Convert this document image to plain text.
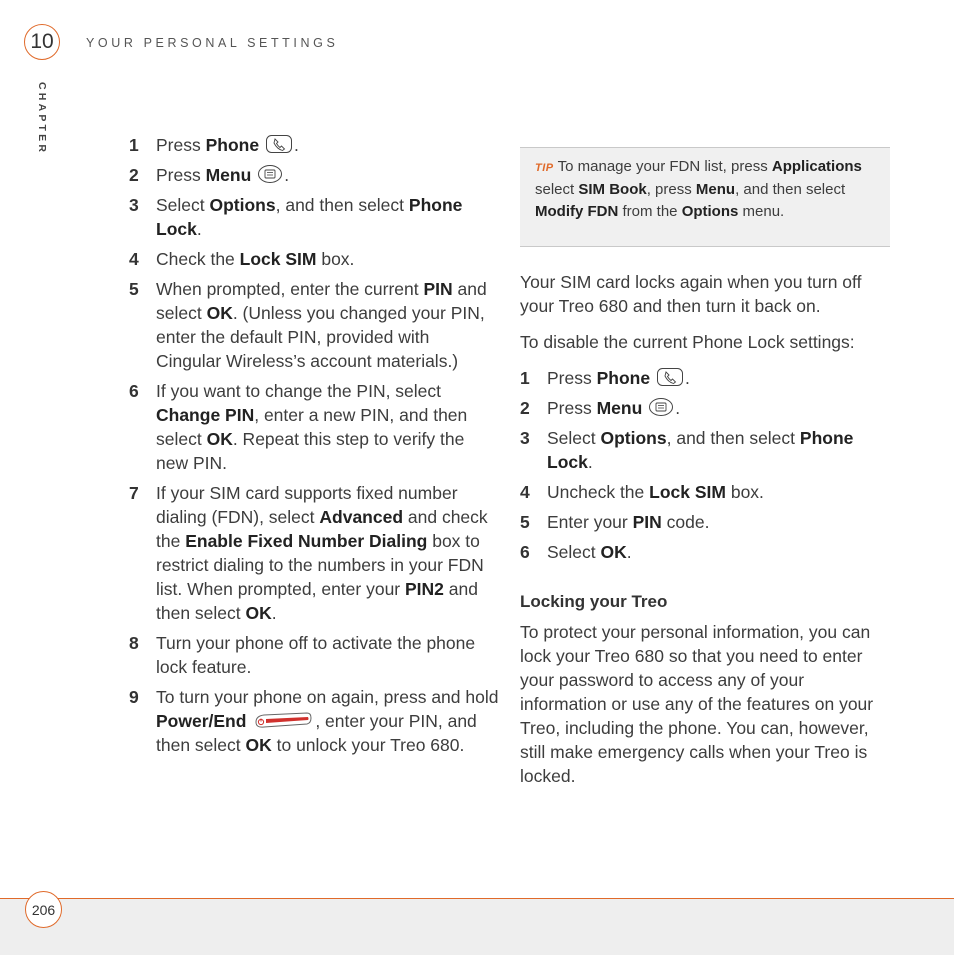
10	YOUR PERSONAL SETTINGS
CHAPTER	1 Press Phone .
2 Press Menu .
3 Select Options, and then select Phone Lock.
4 Check the Lock SIM box.
5 When prompted, enter the current PIN and select OK. (Unless you changed your PIN, enter the default PIN, provided with Cingular Wireless’s account materials.)
6 If you want to change the PIN, select Change PIN, enter a new PIN, and then select OK. Repeat this step to verify the new PIN.
7 If your SIM card supports fixed number dialing (FDN), select Advanced and check the Enable Fixed Number Dialing box to restrict dialing to the numbers in your FDN list. When prompted, enter your PIN2 and then select OK.
8 Turn your phone off to activate the phone lock feature.
9 To turn your phone on again, press and hold Power/End	, enter your PIN, and then select OK to unlock your Treo 680.
TIP To manage your FDN list, press Applications select SIM Book, press Menu, and then select Modify FDN from the Options menu.

Your SIM card locks again when you turn off your Treo 680 and then turn it back on.

To disable the current Phone Lock settings:

1 Press Phone .
2 Press Menu .
3 Select Options, and then select Phone Lock.
4 Uncheck the Lock SIM box.
5 Enter your PIN code.
6 Select OK.
Locking your Treo

To protect your personal information, you can lock your Treo 680 so that you need to enter your password to access any of your information or use any of the features on your Treo, including the phone. You can, however, still make emergency calls when your Treo is locked.

206
